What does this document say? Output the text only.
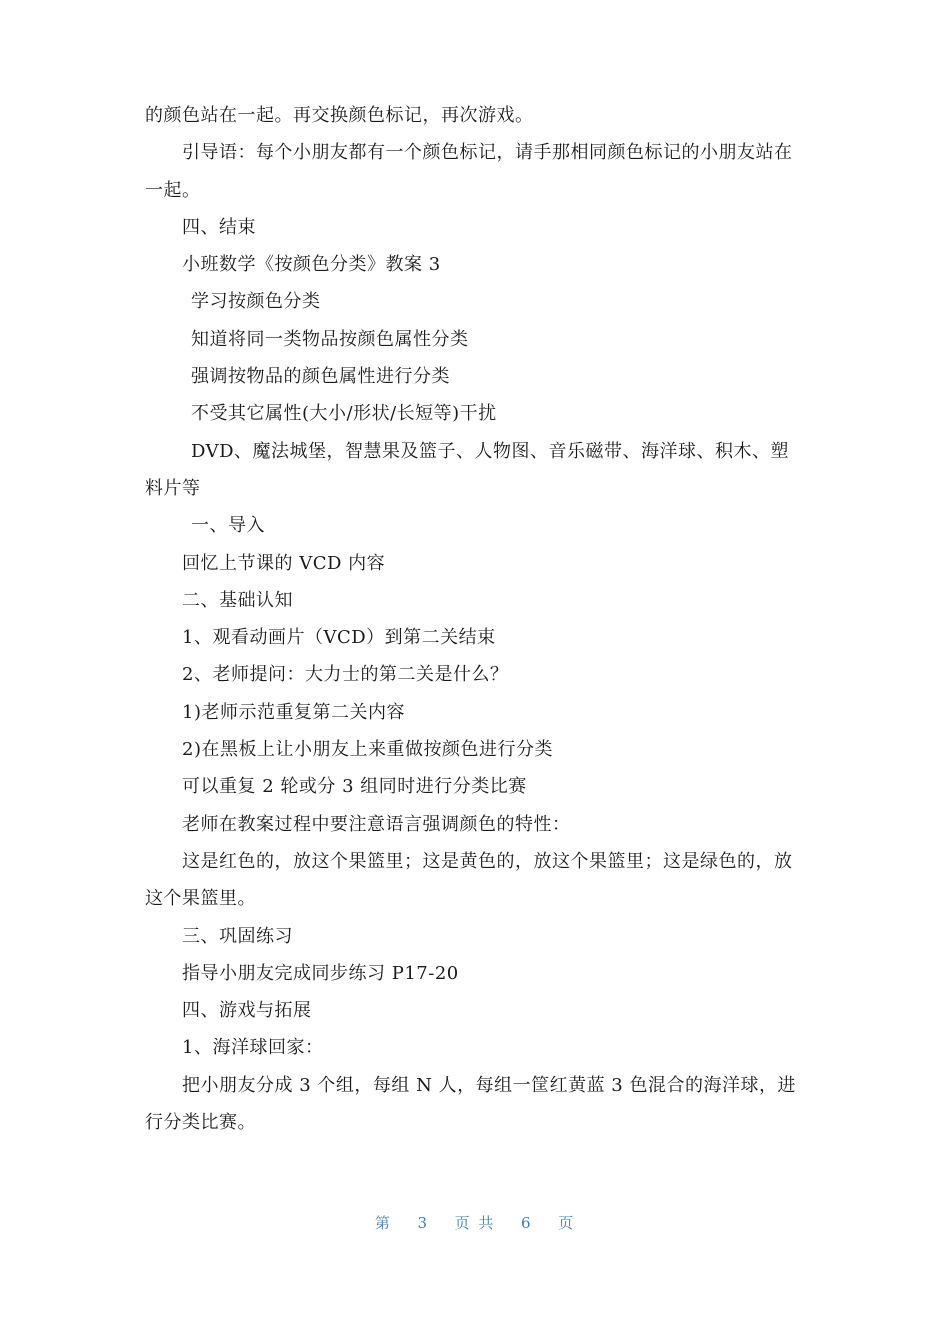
的颜色站在一起。再交换颜色标记，再次游戏。

引导语：每个小朋友都有一个颜色标记，请手那相同颜色标记的小朋友站在一起。

四、结束

小班数学《按颜色分类》教案 3

学习按颜色分类

知道将同一类物品按颜色属性分类

强调按物品的颜色属性进行分类

不受其它属性(大小/形状/长短等)干扰

DVD、魔法城堡，智慧果及篮子、人物图、音乐磁带、海洋球、积木、塑料片等

一、导入

回忆上节课的 VCD 内容

二、基础认知

1、观看动画片（VCD）到第二关结束

2、老师提问：大力士的第二关是什么？

1)老师示范重复第二关内容

2)在黑板上让小朋友上来重做按颜色进行分类

可以重复 2 轮或分 3 组同时进行分类比赛

老师在教案过程中要注意语言强调颜色的特性：

这是红色的，放这个果篮里；这是黄色的，放这个果篮里；这是绿色的，放这个果篮里。

三、巩固练习

指导小朋友完成同步练习 P17-20

四、游戏与拓展

1、海洋球回家：

把小朋友分成 3 个组，每组 N 人，每组一筐红黄蓝 3 色混合的海洋球，进行分类比赛。

第 3 页 共 6 页
